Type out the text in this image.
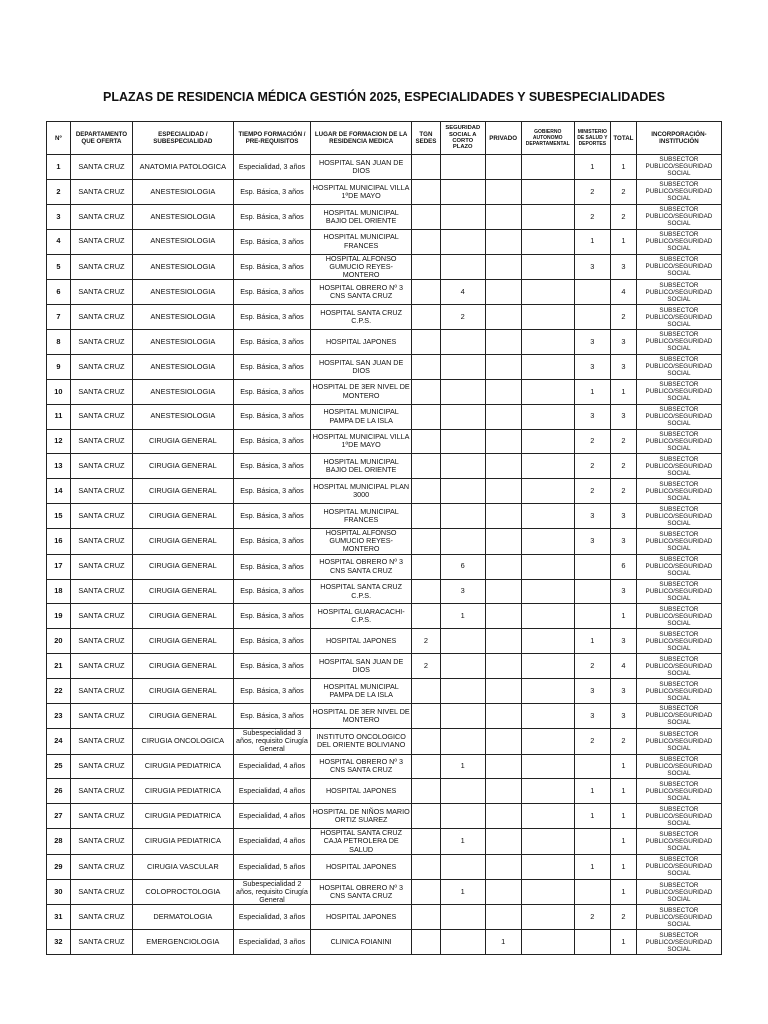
PLAZAS DE RESIDENCIA MÉDICA GESTIÓN 2025, ESPECIALIDADES Y SUBESPECIALIDADES
Nº	DEPARTAMENTO QUE OFERTA	ESPECIALIDAD / SUBESPECIALIDAD	TIEMPO FORMACIÓN / PRE-REQUISITOS	LUGAR DE FORMACION DE LA RESIDENCIA MEDICA	TGN SEDES	SEGURIDAD SOCIAL A CORTO PLAZO	PRIVADO	GOBIERNO AUTONOMO DEPARTAMENTAL	MINISTERIO DE SALUD Y DEPORTES	TOTAL	INCORPORACIÓN- INSTITUCIÓN
1	SANTA CRUZ	ANATOMIA PATOLOGICA	Especialidad, 3 años	HOSPITAL SAN JUAN DE DIOS					1	1	SUBSECTOR PUBLICO/SEGURIDAD SOCIAL
2	SANTA CRUZ	ANESTESIOLOGIA	Esp. Básica, 3 años	HOSPITAL MUNICIPAL VILLA 1ºDE MAYO					2	2	SUBSECTOR PUBLICO/SEGURIDAD SOCIAL
3	SANTA CRUZ	ANESTESIOLOGIA	Esp. Básica, 3 años	HOSPITAL MUNICIPAL BAJIO DEL ORIENTE					2	2	SUBSECTOR PUBLICO/SEGURIDAD SOCIAL
4	SANTA CRUZ	ANESTESIOLOGIA	Esp. Básica, 3 años	HOSPITAL MUNICIPAL FRANCES					1	1	SUBSECTOR PUBLICO/SEGURIDAD SOCIAL
5	SANTA CRUZ	ANESTESIOLOGIA	Esp. Básica, 3 años	HOSPITAL ALFONSO GUMUCIO REYES-MONTERO					3	3	SUBSECTOR PUBLICO/SEGURIDAD SOCIAL
6	SANTA CRUZ	ANESTESIOLOGIA	Esp. Básica, 3 años	HOSPITAL OBRERO Nº 3 CNS SANTA CRUZ		4				4	SUBSECTOR PUBLICO/SEGURIDAD SOCIAL
7	SANTA CRUZ	ANESTESIOLOGIA	Esp. Básica, 3 años	HOSPITAL SANTA CRUZ C.P.S.		2				2	SUBSECTOR PUBLICO/SEGURIDAD SOCIAL
8	SANTA CRUZ	ANESTESIOLOGIA	Esp. Básica, 3 años	HOSPITAL JAPONES					3	3	SUBSECTOR PUBLICO/SEGURIDAD SOCIAL
9	SANTA CRUZ	ANESTESIOLOGIA	Esp. Básica, 3 años	HOSPITAL SAN JUAN DE DIOS					3	3	SUBSECTOR PUBLICO/SEGURIDAD SOCIAL
10	SANTA CRUZ	ANESTESIOLOGIA	Esp. Básica, 3 años	HOSPITAL DE 3ER NIVEL DE MONTERO					1	1	SUBSECTOR PUBLICO/SEGURIDAD SOCIAL
11	SANTA CRUZ	ANESTESIOLOGIA	Esp. Básica, 3 años	HOSPITAL MUNICIPAL PAMPA DE LA ISLA					3	3	SUBSECTOR PUBLICO/SEGURIDAD SOCIAL
12	SANTA CRUZ	CIRUGIA GENERAL	Esp. Básica, 3 años	HOSPITAL MUNICIPAL VILLA 1ºDE MAYO					2	2	SUBSECTOR PUBLICO/SEGURIDAD SOCIAL
13	SANTA CRUZ	CIRUGIA GENERAL	Esp. Básica, 3 años	HOSPITAL MUNICIPAL BAJIO DEL ORIENTE					2	2	SUBSECTOR PUBLICO/SEGURIDAD SOCIAL
14	SANTA CRUZ	CIRUGIA GENERAL	Esp. Básica, 3 años	HOSPITAL MUNICIPAL PLAN 3000					2	2	SUBSECTOR PUBLICO/SEGURIDAD SOCIAL
15	SANTA CRUZ	CIRUGIA GENERAL	Esp. Básica, 3 años	HOSPITAL MUNICIPAL FRANCES					3	3	SUBSECTOR PUBLICO/SEGURIDAD SOCIAL
16	SANTA CRUZ	CIRUGIA GENERAL	Esp. Básica, 3 años	HOSPITAL ALFONSO GUMUCIO REYES-MONTERO					3	3	SUBSECTOR PUBLICO/SEGURIDAD SOCIAL
17	SANTA CRUZ	CIRUGIA GENERAL	Esp. Básica, 3 años	HOSPITAL OBRERO Nº 3 CNS SANTA CRUZ		6				6	SUBSECTOR PUBLICO/SEGURIDAD SOCIAL
18	SANTA CRUZ	CIRUGIA GENERAL	Esp. Básica, 3 años	HOSPITAL SANTA CRUZ C.P.S.		3				3	SUBSECTOR PUBLICO/SEGURIDAD SOCIAL
19	SANTA CRUZ	CIRUGIA GENERAL	Esp. Básica, 3 años	HOSPITAL GUARACACHI-C.P.S.		1				1	SUBSECTOR PUBLICO/SEGURIDAD SOCIAL
20	SANTA CRUZ	CIRUGIA GENERAL	Esp. Básica, 3 años	HOSPITAL JAPONES	2				1	3	SUBSECTOR PUBLICO/SEGURIDAD SOCIAL
21	SANTA CRUZ	CIRUGIA GENERAL	Esp. Básica, 3 años	HOSPITAL SAN JUAN DE DIOS	2				2	4	SUBSECTOR PUBLICO/SEGURIDAD SOCIAL
22	SANTA CRUZ	CIRUGIA GENERAL	Esp. Básica, 3 años	HOSPITAL MUNICIPAL PAMPA DE LA ISLA					3	3	SUBSECTOR PUBLICO/SEGURIDAD SOCIAL
23	SANTA CRUZ	CIRUGIA GENERAL	Esp. Básica, 3 años	HOSPITAL DE 3ER NIVEL DE MONTERO					3	3	SUBSECTOR PUBLICO/SEGURIDAD SOCIAL
24	SANTA CRUZ	CIRUGIA ONCOLOGICA	Subespecialidad 3 años, requisito Cirugía General	INSTITUTO ONCOLOGICO DEL ORIENTE BOLIVIANO					2	2	SUBSECTOR PUBLICO/SEGURIDAD SOCIAL
25	SANTA CRUZ	CIRUGIA PEDIATRICA	Especialidad, 4 años	HOSPITAL OBRERO Nº 3 CNS SANTA CRUZ		1				1	SUBSECTOR PUBLICO/SEGURIDAD SOCIAL
26	SANTA CRUZ	CIRUGIA PEDIATRICA	Especialidad, 4 años	HOSPITAL JAPONES					1	1	SUBSECTOR PUBLICO/SEGURIDAD SOCIAL
27	SANTA CRUZ	CIRUGIA PEDIATRICA	Especialidad, 4 años	HOSPITAL DE NIÑOS MARIO ORTIZ SUAREZ					1	1	SUBSECTOR PUBLICO/SEGURIDAD SOCIAL
28	SANTA CRUZ	CIRUGIA PEDIATRICA	Especialidad, 4 años	HOSPITAL SANTA CRUZ CAJA PETROLERA DE SALUD		1				1	SUBSECTOR PUBLICO/SEGURIDAD SOCIAL
29	SANTA CRUZ	CIRUGIA VASCULAR	Especialidad, 5 años	HOSPITAL JAPONES					1	1	SUBSECTOR PUBLICO/SEGURIDAD SOCIAL
30	SANTA CRUZ	COLOPROCTOLOGIA	Subespecialidad 2 años, requisito Cirugía General	HOSPITAL OBRERO Nº 3 CNS SANTA CRUZ		1				1	SUBSECTOR PUBLICO/SEGURIDAD SOCIAL
31	SANTA CRUZ	DERMATOLOGIA	Especialidad, 3 años	HOSPITAL JAPONES					2	2	SUBSECTOR PUBLICO/SEGURIDAD SOCIAL
32	SANTA CRUZ	EMERGENCIOLOGIA	Especialidad, 3 años	CLINICA FOIANINI			1			1	SUBSECTOR PUBLICO/SEGURIDAD SOCIAL
